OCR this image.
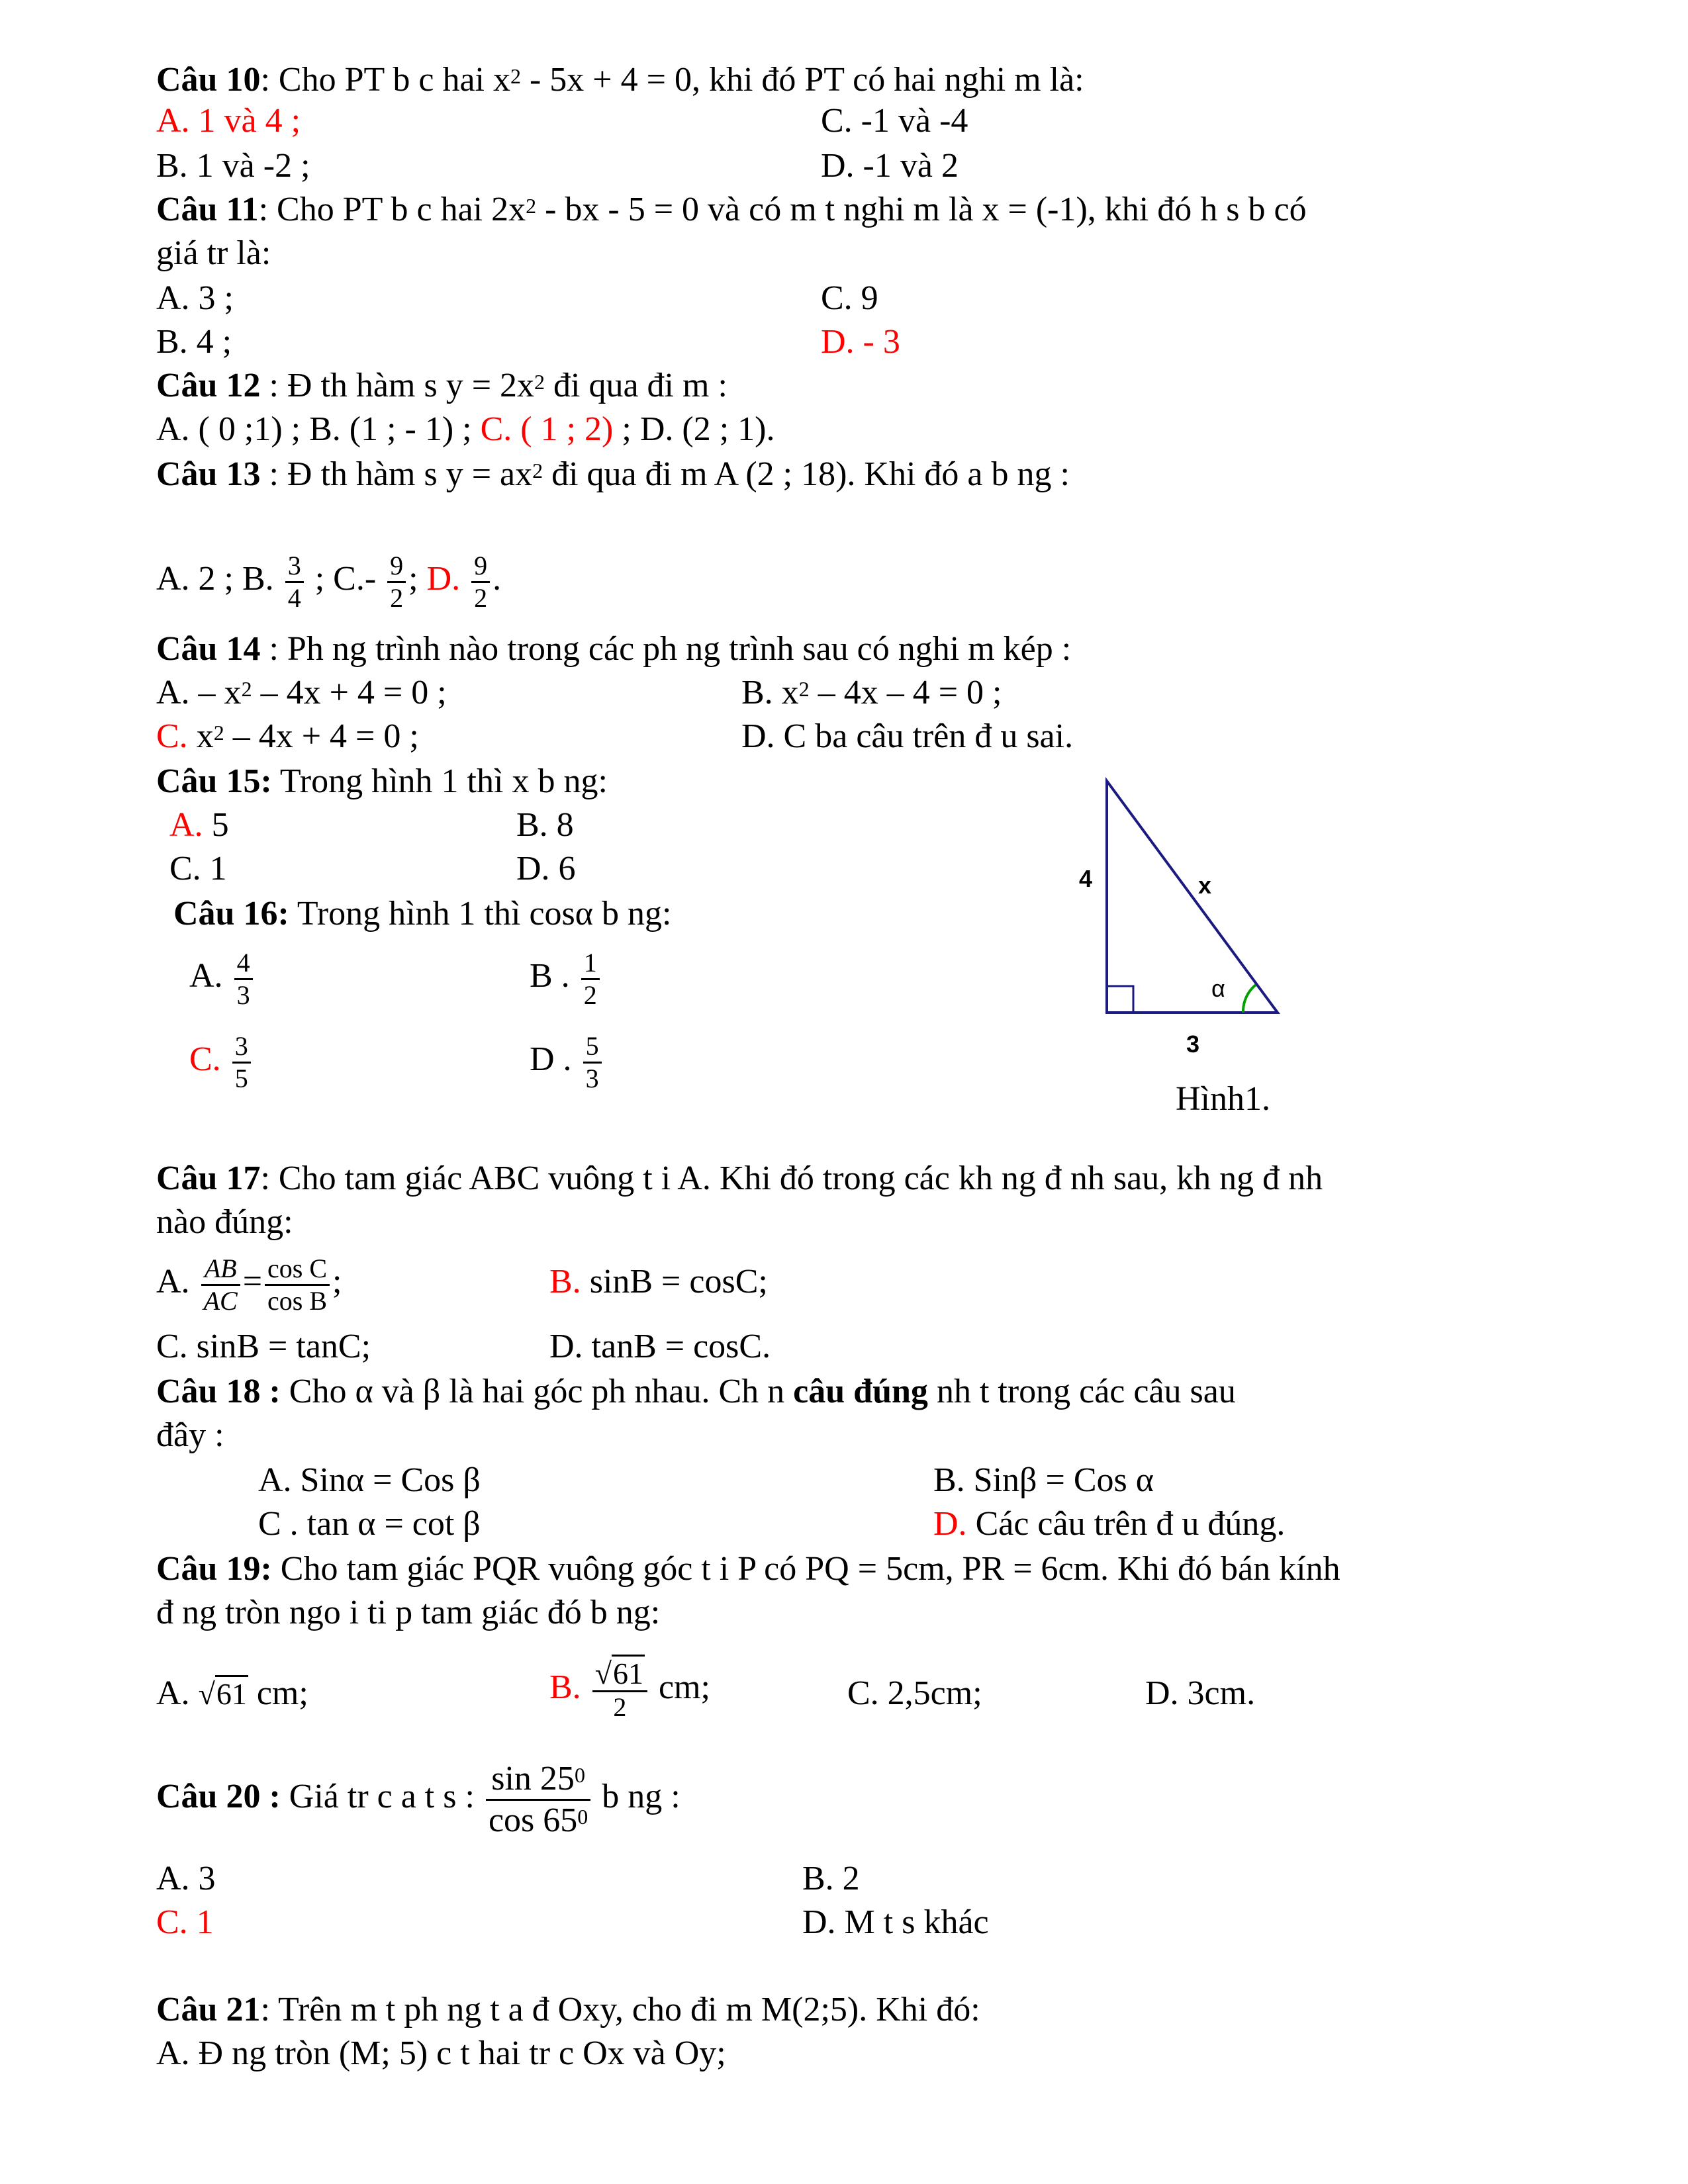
Câu 10: Cho PT b c hai $x^2 - 5x + 4 = 0$, khi đó PT có hai nghi m là:
A. 1 và 4 ;	C. -1 và -4
B. 1 và -2 ;	D. -1 và 2
Câu 11: Cho PT b c hai $2x^2$ - bx - 5 = 0 và có m t nghi m là x = (-1), khi đó h s b có
giá tr là:
A. 3 ;	C. 9
B. 4 ;	D. - 3
Câu 12 : Đ th hàm s $y = 2x^2$ đi qua đi m :
A. ( 0 ;1) ; B. (1 ; - 1) ; C. ( 1 ; 2) ; D. (2 ; 1).
Câu 13 : Đ th hàm s $y = ax^2$ đi qua đi m A (2 ; 18). Khi đó a b ng :
A. 2 ; B. $\frac{3}{4}$ ; $C.- \frac{9}{2}$ ; D. $\frac{9}{2}$ .
Câu 14 : Ph ng trình nào trong các ph ng trình sau có nghi m kép :
A. – $x^2 - 4x + 4 = 0$ ;	B. $x^2 - 4x - 4 = 0$ ;
C. $x^2 - 4x + 4 = 0$ ;	D. C ba câu trên đ u sai.
Câu 15: Trong hình 1 thì x b ng:
A. 5	B. 8
C. 1	D. 6
Câu 16: Trong hình 1 thì cosα b ng:
A. $\frac{4}{3}$	B . $\frac{1}{2}$
C. $\frac{3}{5}$	D . $\frac{5}{3}$
4	x
α
3
Hình1.
Câu 17: Cho tam giác ABC vuông t i A. Khi đó trong các kh ng đ nh sau, kh ng đ nh
nào đúng:
A. $\frac{AB}{AC} = \frac{\text{cos C}}{\text{cos B}}$ ;	B. sinB = cosC;
C. sinB = tanC;	D. tanB = cosC.
Câu 18 : Cho α và β là hai góc ph nhau. Ch n câu đúng nh t trong các câu sau
đây :
A. Sinα = Cos β	B. Sinβ = Cos α
C . tan α = cot β	D. Các câu trên đ u đúng.
Câu 19: Cho tam giác PQR vuông góc t i P có PQ = 5cm, PR = 6cm. Khi đó bán kính
đ ng tròn ngo i ti p tam giác đó b ng:
A. √61 cm;	B. $\frac{√61}{2}$ cm;	C. 2,5cm;	D. 3cm.
Câu 20 : Giá tr c a t s : $\frac{\sin 25^0}{\cos 65^0}$ b ng :
A. 3	B. 2
C. 1	D. M t s khác
Câu 21: Trên m t ph ng t a đ Oxy, cho đi m M(2;5). Khi đó:
A. Đ ng tròn (M; 5) c t hai tr c Ox và Oy;
